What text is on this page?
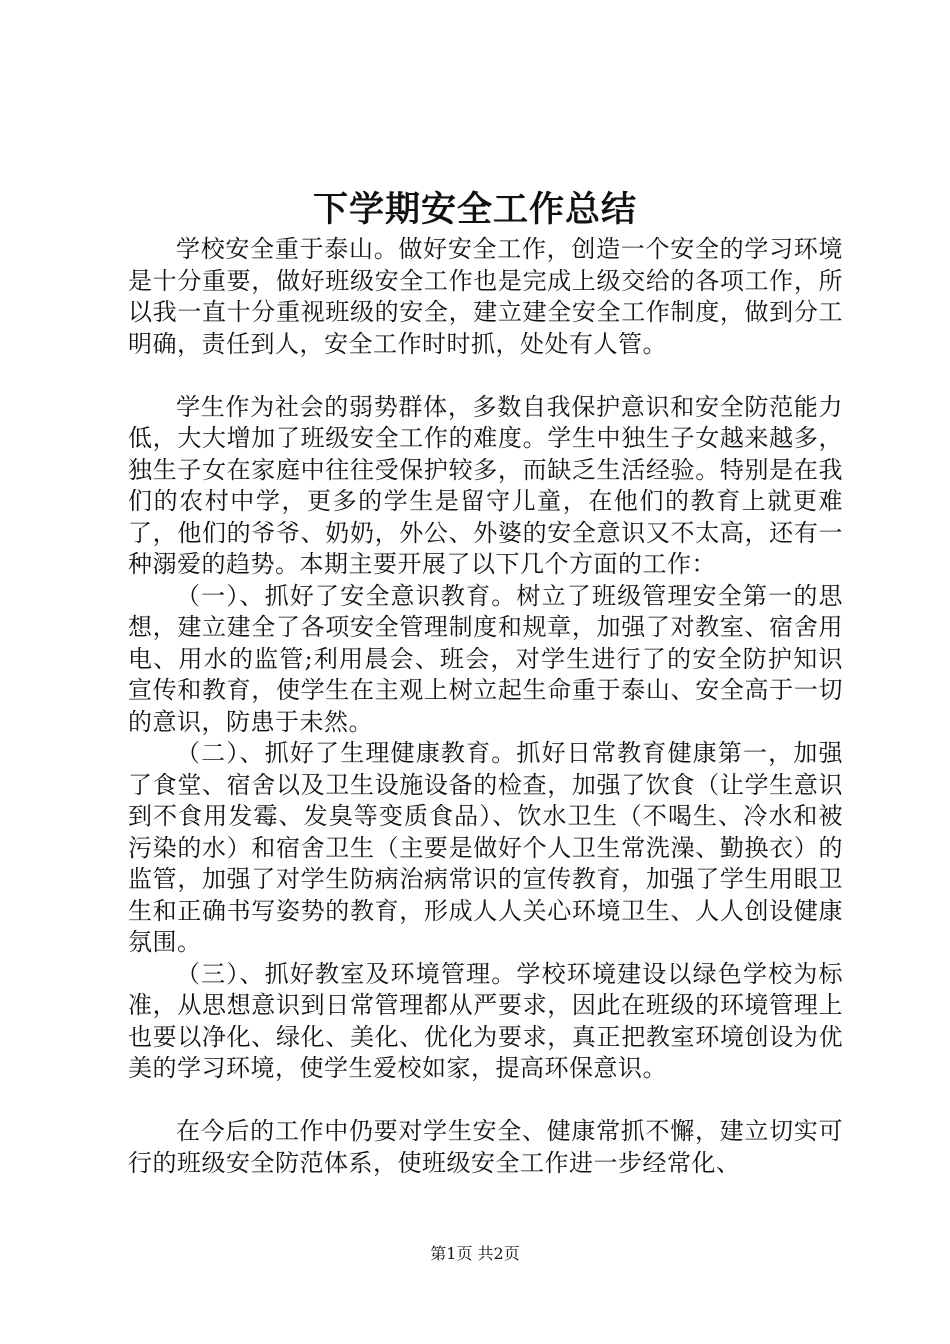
下学期安全工作总结

学校安全重于泰山。做好安全工作，创造一个安全的学习环境是十分重要，做好班级安全工作也是完成上级交给的各项工作，所以我一直十分重视班级的安全，建立建全安全工作制度，做到分工明确，责任到人，安全工作时时抓，处处有人管。

学生作为社会的弱势群体，多数自我保护意识和安全防范能力低，大大增加了班级安全工作的难度。学生中独生子女越来越多，独生子女在家庭中往往受保护较多，而缺乏生活经验。特别是在我们的农村中学，更多的学生是留守儿童，在他们的教育上就更难了，他们的爷爷、奶奶，外公、外婆的安全意识又不太高，还有一种溺爱的趋势。本期主要开展了以下几个方面的工作：

（一）、抓好了安全意识教育。树立了班级管理安全第一的思想，建立建全了各项安全管理制度和规章，加强了对教室、宿舍用电、用水的监管;利用晨会、班会，对学生进行了的安全防护知识宣传和教育，使学生在主观上树立起生命重于泰山、安全高于一切的意识，防患于未然。

（二）、抓好了生理健康教育。抓好日常教育健康第一，加强了食堂、宿舍以及卫生设施设备的检查，加强了饮食（让学生意识到不食用发霉、发臭等变质食品）、饮水卫生（不喝生、冷水和被污染的水）和宿舍卫生（主要是做好个人卫生常洗澡、勤换衣）的监管，加强了对学生防病治病常识的宣传教育，加强了学生用眼卫生和正确书写姿势的教育，形成人人关心环境卫生、人人创设健康氛围。

（三）、抓好教室及环境管理。学校环境建设以绿色学校为标准，从思想意识到日常管理都从严要求，因此在班级的环境管理上也要以净化、绿化、美化、优化为要求，真正把教室环境创设为优美的学习环境，使学生爱校如家，提高环保意识。

在今后的工作中仍要对学生安全、健康常抓不懈，建立切实可行的班级安全防范体系，使班级安全工作进一步经常化、

第1页 共2页
